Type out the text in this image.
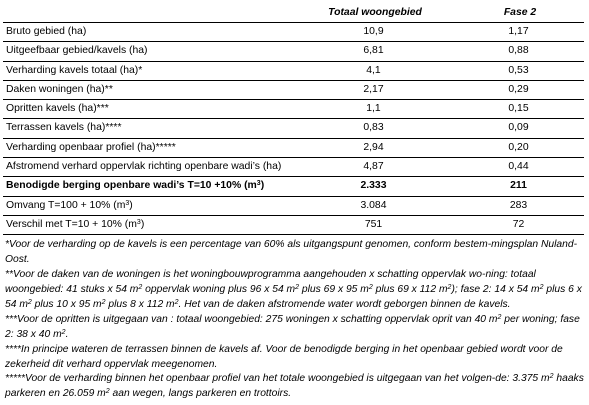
	Totaal woongebied	Fase 2
Bruto gebied (ha)	10,9	1,17
Uitgeefbaar gebied/kavels (ha)	6,81	0,88
Verharding kavels totaal (ha)*	4,1	0,53
Daken woningen (ha)**	2,17	0,29
Opritten kavels (ha)***	1,1	0,15
Terrassen kavels (ha)****	0,83	0,09
Verharding openbaar profiel (ha)*****	2,94	0,20
Afstromend verhard oppervlak richting openbare wadi’s (ha)	4,87	0,44
Benodigde berging openbare wadi’s T=10 +10% $(m^3)$	2.333	211
Omvang T=100 + 10% $(m^3)$	3.084	283
Verschil met T=10 + 10% $(m^3)$	751	72

*Voor de verharding op de kavels is een percentage van 60% als uitgangspunt genomen, conform bestem-mingsplan Nuland-Oost.

**Voor de daken van de woningen is het woningbouwprogramma aangehouden x schatting oppervlak wo-ning: totaal woongebied: 41 stuks x 54 $m^2$ oppervlak woning plus 96 x 54 $m^2$ plus 69 x 95 $m^2$ plus 69 x 112 $m^2$); fase 2: 14 x 54 $m^2$ plus 6 x 54 $m^2$ plus 10 x 95 $m^2$ plus 8 x 112 $m^2$. Het van de daken afstromende water wordt geborgen binnen de kavels.

***Voor de opritten is uitgegaan van : totaal woongebied: 275 woningen x schatting oppervlak oprit van 40 $m^2$ per woning; fase 2: 38 x 40 $m^2$.

****In principe wateren de terrassen binnen de kavels af. Voor de benodigde berging in het openbaar gebied wordt voor de zekerheid dit verhard oppervlak meegenomen.

*****Voor de verharding binnen het openbaar profiel van het totale woongebied is uitgegaan van het volgen-de: 3.375 $m^2$ haaks parkeren en 26.059 $m^2$ aan wegen, langs parkeren en trottoirs.
